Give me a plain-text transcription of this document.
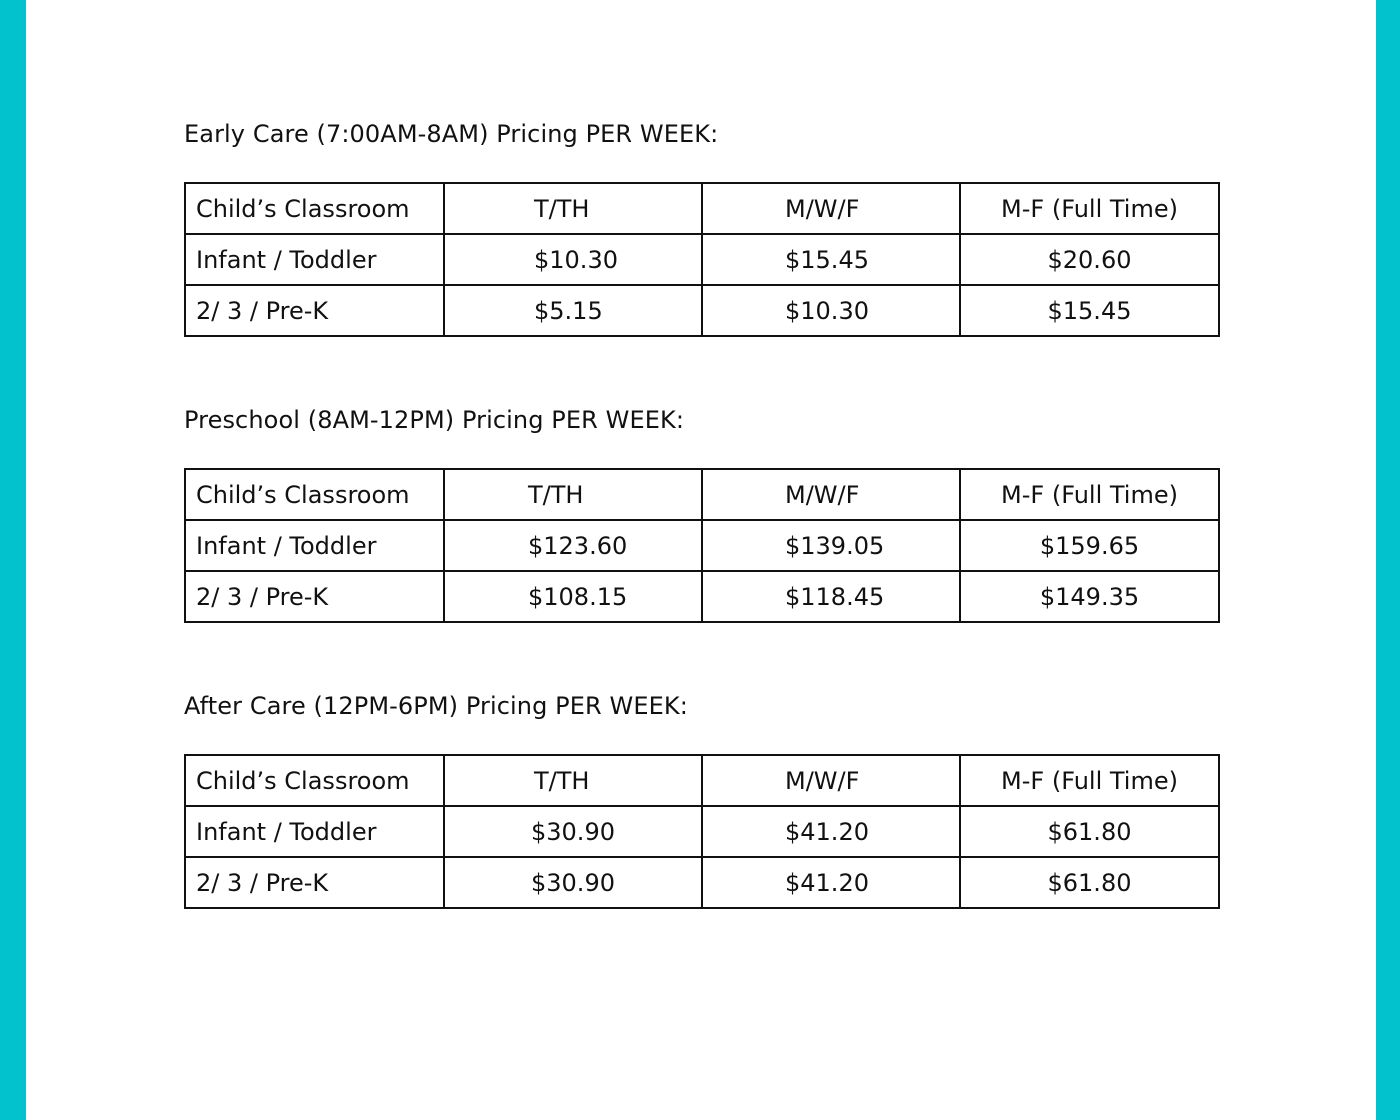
Early Care (7:00AM-8AM) Pricing PER WEEK:
Child’s Classroom	T/TH	M/W/F	M-F (Full Time)
Infant / Toddler	$10.30	$15.45	$20.60
2/ 3 / Pre-K	$5.15	$10.30	$15.45
Preschool (8AM-12PM) Pricing PER WEEK:
Child’s Classroom	T/TH	M/W/F	M-F (Full Time)
Infant / Toddler	$123.60	$139.05	$159.65
2/ 3 / Pre-K	$108.15	$118.45	$149.35
After Care (12PM-6PM) Pricing PER WEEK:
Child’s Classroom	T/TH	M/W/F	M-F (Full Time)
Infant / Toddler	$30.90	$41.20	$61.80
2/ 3 / Pre-K	$30.90	$41.20	$61.80
